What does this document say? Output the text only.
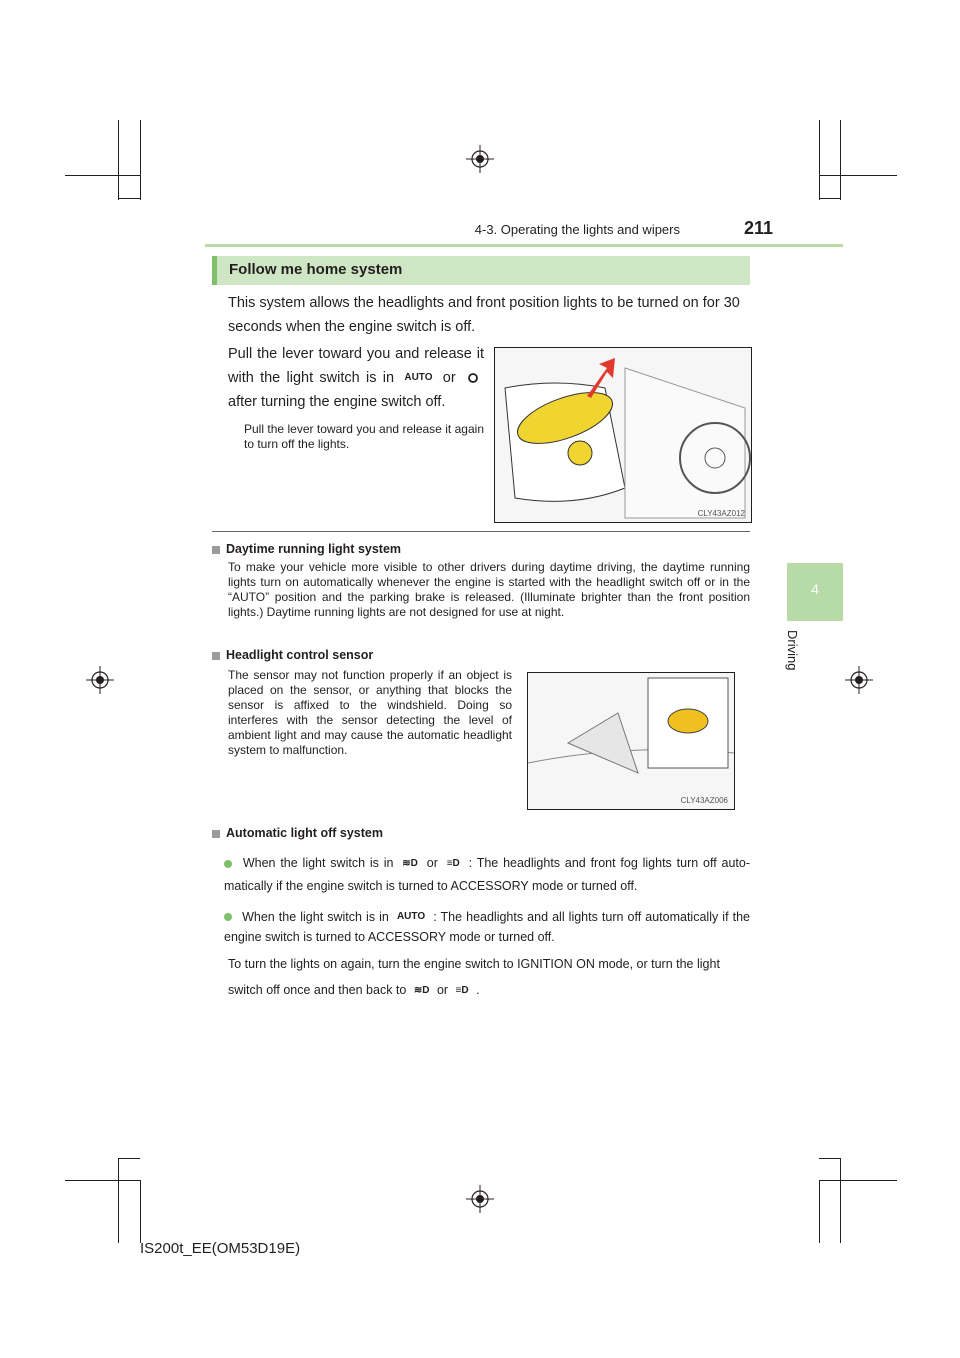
4-3. Operating the lights and wipers	211
4
Driving
Follow me home system

This system allows the headlights and front position lights to be turned on for 30 seconds when the engine switch is off.

Pull the lever toward you and release it with the light switch is in AUTO or  after turning the engine switch off.

Pull the lever toward you and release it again to turn off the lights.

CLY43AZ012
Daytime running light system

To make your vehicle more visible to other drivers during daytime driving, the daytime running lights turn on automatically whenever the engine is started with the headlight switch off or in the “AUTO” position and the parking brake is released. (Illuminate brighter than the front position lights.) Daytime running lights are not designed for use at night.

Headlight control sensor

The sensor may not function properly if an object is placed on the sensor, or anything that blocks the sensor is affixed to the windshield. Doing so interferes with the sensor detecting the level of ambient light and may cause the automatic headlight system to malfunction.

CLY43AZ006
Automatic light off system

When the light switch is in ≋D or ≡D : The headlights and front fog lights turn off auto-matically if the engine switch is turned to ACCESSORY mode or turned off.

When the light switch is in AUTO : The headlights and all lights turn off automatically if the engine switch is turned to ACCESSORY mode or turned off.

To turn the lights on again, turn the engine switch to IGNITION ON mode, or turn the light switch off once and then back to ≋D or ≡D .

IS200t_EE(OM53D19E)
